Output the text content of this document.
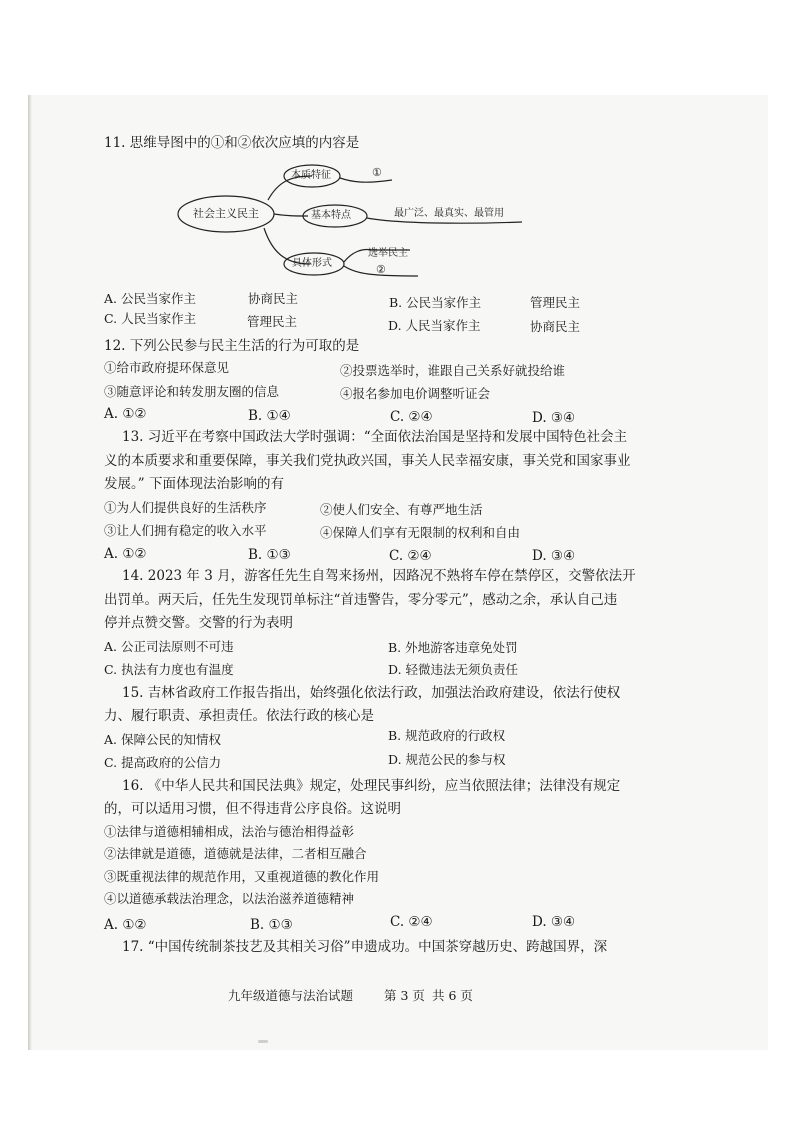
11. 思维导图中的①和②依次应填的内容是
社会主义民主
本质特征	①
基本特点	最广泛、最真实、最管用
具体形式
选举民主
②
A. 公民当家作主	协商民主	B. 公民当家作主	管理民主
C. 人民当家作主	管理民主	D. 人民当家作主	协商民主
12. 下列公民参与民主生活的行为可取的是
①给市政府提环保意见	②投票选举时，谁跟自己关系好就投给谁
③随意评论和转发朋友圈的信息	④报名参加电价调整听证会
A. ①②	B. ①④	C. ②④	D. ③④
13. 习近平在考察中国政法大学时强调：“全面依法治国是坚持和发展中国特色社会主
义的本质要求和重要保障，事关我们党执政兴国，事关人民幸福安康，事关党和国家事业
发展。” 下面体现法治影响的有
①为人们提供良好的生活秩序	②使人们安全、有尊严地生活
③让人们拥有稳定的收入水平	④保障人们享有无限制的权利和自由
A. ①②	B. ①③	C. ②④	D. ③④
14. 2023 年 3 月，游客任先生自驾来扬州，因路况不熟将车停在禁停区，交警依法开
出罚单。两天后，任先生发现罚单标注“首违警告，零分零元”，感动之余，承认自己违
停并点赞交警。交警的行为表明
A. 公正司法原则不可违	B. 外地游客违章免处罚
C. 执法有力度也有温度	D. 轻微违法无须负责任
15. 吉林省政府工作报告指出，始终强化依法行政，加强法治政府建设，依法行使权
力、履行职责、承担责任。依法行政的核心是
A. 保障公民的知情权	B. 规范政府的行政权
C. 提高政府的公信力	D. 规范公民的参与权
16. 《中华人民共和国民法典》规定，处理民事纠纷，应当依照法律；法律没有规定
的，可以适用习惯，但不得违背公序良俗。这说明
①法律与道德相辅相成，法治与德治相得益彰
②法律就是道德，道德就是法律，二者相互融合
③既重视法律的规范作用，又重视道德的教化作用
④以道德承载法治理念，以法治滋养道德精神
A. ①②	B. ①③	C. ②④	D. ③④
17. “中国传统制茶技艺及其相关习俗”申遗成功。中国茶穿越历史、跨越国界，深
九年级道德与法治试题 第 3 页 共 6 页
